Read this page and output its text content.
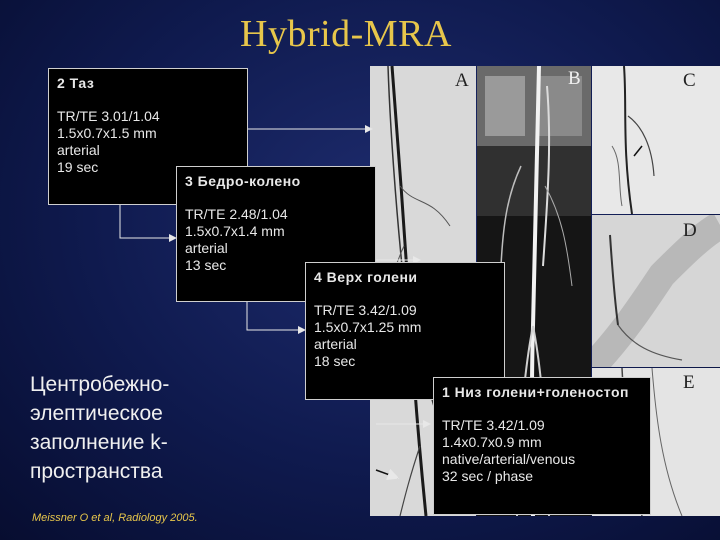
Hybrid-MRA
A	B	C
D
E
2 Таз
TR/TE 3.01/1.04
1.5x0.7x1.5 mm
arterial
19 sec
3 Бедро-колено
TR/TE 2.48/1.04
1.5x0.7x1.4 mm
arterial
13 sec
4 Верх голени
TR/TE 3.42/1.09
1.5x0.7x1.25 mm
arterial
18 sec
1 Низ голени+голеностоп
TR/TE 3.42/1.09
1.4x0.7x0.9 mm
native/arterial/venous
32 sec / phase
Центробежно-
элептическое
заполнение k-
пространства
Meissner O et al, Radiology 2005.
